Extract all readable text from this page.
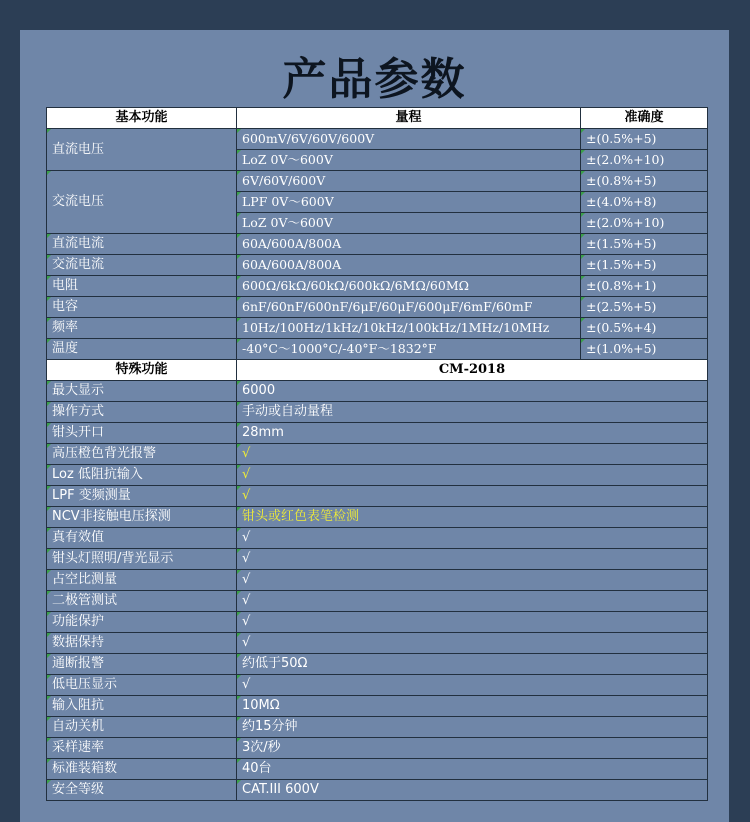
产品参数
基本功能	量程	准确度
直流电压	600mV/6V/60V/600V	±(0.5%+5)
	LoZ 0V～600V	±(2.0%+10)
交流电压	6V/60V/600V	±(0.8%+5)
	LPF 0V～600V	±(4.0%+8)
	LoZ 0V～600V	±(2.0%+10)
直流电流	60A/600A/800A	±(1.5%+5)
交流电流	60A/600A/800A	±(1.5%+5)
电阻	600Ω/6kΩ/60kΩ/600kΩ/6MΩ/60MΩ	±(0.8%+1)
电容	6nF/60nF/600nF/6μF/60μF/600μF/6mF/60mF	±(2.5%+5)
频率	10Hz/100Hz/1kHz/10kHz/100kHz/1MHz/10MHz	±(0.5%+4)
温度	-40°C～1000°C/-40°F～1832°F	±(1.0%+5)
特殊功能	CM-2018	
最大显示	6000	
操作方式	手动或自动量程	
钳头开口	28mm	
高压橙色背光报警	√	
Loz 低阻抗输入	√	
LPF 变频测量	√	
NCV非接触电压探测	钳头或红色表笔检测	
真有效值	√	
钳头灯照明/背光显示	√	
占空比测量	√	
二极管测试	√	
功能保护	√	
数据保持	√	
通断报警	约低于50Ω	
低电压显示	√	
输入阻抗	10MΩ	
自动关机	约15分钟	
采样速率	3次/秒	
标准装箱数	40台	
安全等级	CAT.III 600V	
